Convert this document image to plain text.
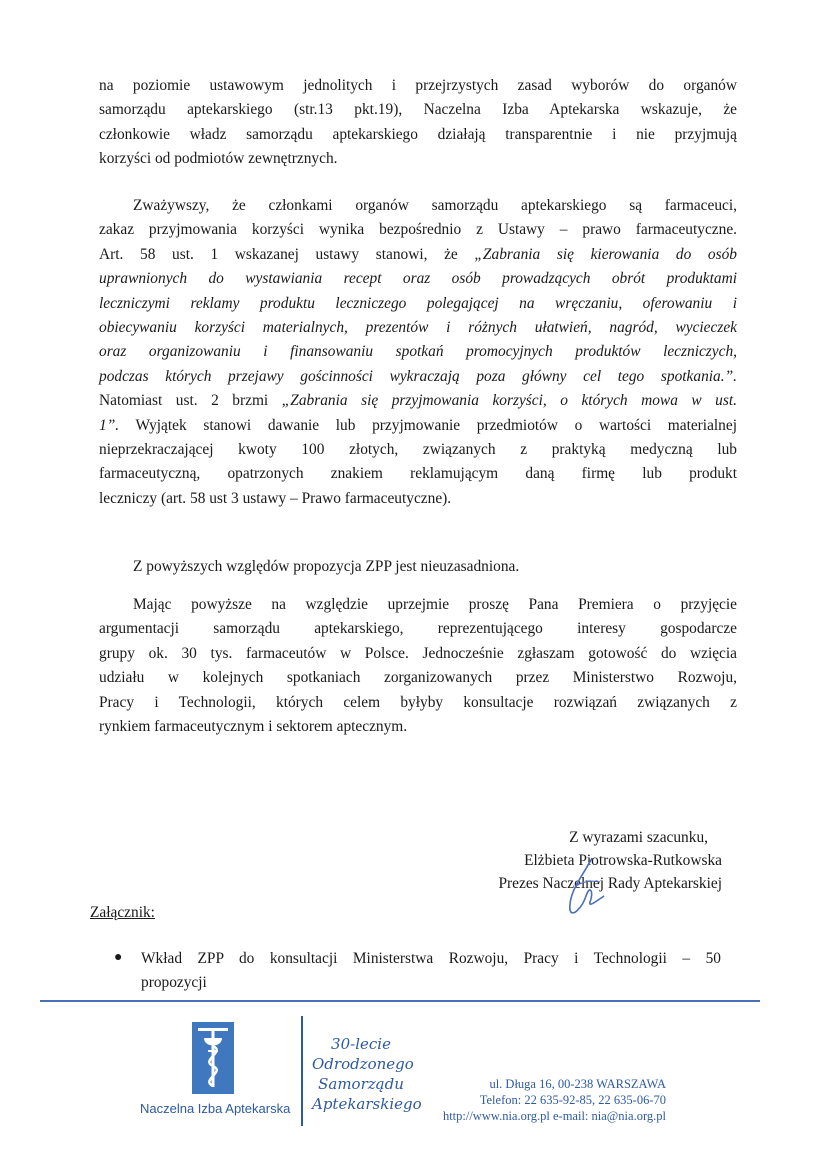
na poziomie ustawowym jednolitych i przejrzystych zasad wyborów do organów
samorządu aptekarskiego (str.13 pkt.19), Naczelna Izba Aptekarska wskazuje, że
członkowie władz samorządu aptekarskiego działają transparentnie i nie przyjmują
korzyści od podmiotów zewnętrznych.
Zważywszy, że członkami organów samorządu aptekarskiego są farmaceuci,
zakaz przyjmowania korzyści wynika bezpośrednio z Ustawy – prawo farmaceutyczne.
Art. 58 ust. 1 wskazanej ustawy stanowi, że „Zabrania się kierowania do osób
uprawnionych do wystawiania recept oraz osób prowadzących obrót produktami
leczniczymi reklamy produktu leczniczego polegającej na wręczaniu, oferowaniu i
obiecywaniu korzyści materialnych, prezentów i różnych ułatwień, nagród, wycieczek
oraz organizowaniu i finansowaniu spotkań promocyjnych produktów leczniczych,
podczas których przejawy gościnności wykraczają poza główny cel tego spotkania.”.
Natomiast ust. 2 brzmi „Zabrania się przyjmowania korzyści, o których mowa w ust.
1”. Wyjątek stanowi dawanie lub przyjmowanie przedmiotów o wartości materialnej
nieprzekraczającej kwoty 100 złotych, związanych z praktyką medyczną lub
farmaceutyczną, opatrzonych znakiem reklamującym daną firmę lub produkt
leczniczy (art. 58 ust 3 ustawy – Prawo farmaceutyczne).
Z powyższych względów propozycja ZPP jest nieuzasadniona.
Mając powyższe na względzie uprzejmie proszę Pana Premiera o przyjęcie
argumentacji samorządu aptekarskiego, reprezentującego interesy gospodarcze
grupy ok. 30 tys. farmaceutów w Polsce. Jednocześnie zgłaszam gotowość do wzięcia
udziału w kolejnych spotkaniach zorganizowanych przez Ministerstwo Rozwoju,
Pracy i Technologii, których celem byłyby konsultacje rozwiązań związanych z
rynkiem farmaceutycznym i sektorem aptecznym.
Z wyrazami szacunku,
Elżbieta Piotrowska-Rutkowska
Prezes Naczelnej Rady Aptekarskiej
Załącznik:
● Wkład ZPP do konsultacji Ministerstwa Rozwoju, Pracy i Technologii – 50
propozycji
Naczelna Izba Aptekarska
30-lecie
Odrodzonego
Samorządu
Aptekarskiego
ul. Długa 16, 00-238 WARSZAWA
Telefon: 22 635-92-85, 22 635-06-70
http://www.nia.org.pl e-mail: nia@nia.org.pl
